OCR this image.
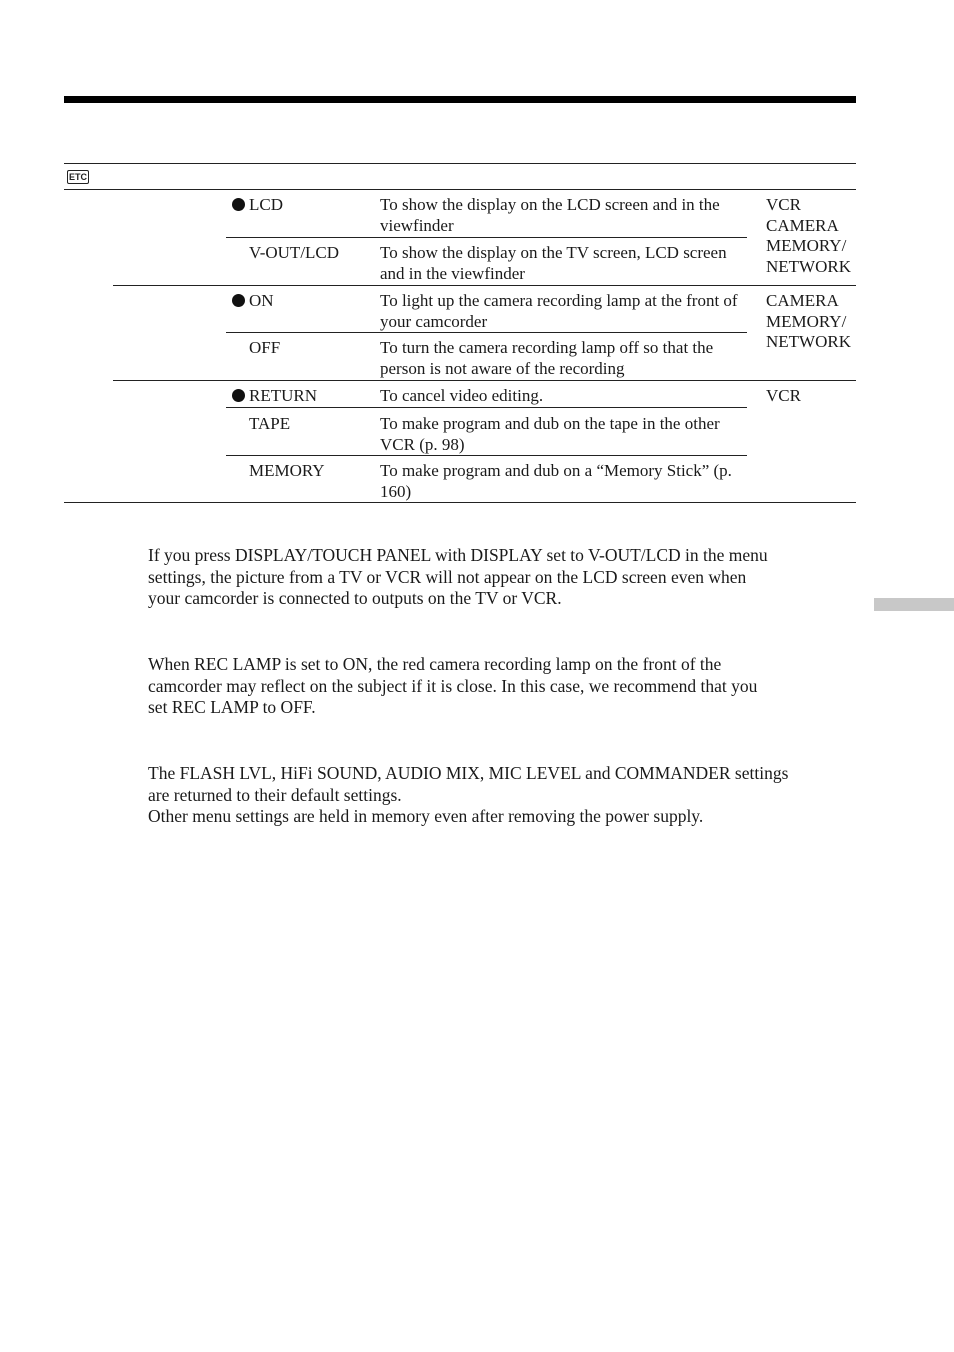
ETC
LCD	To show the display on the LCD screen and in the viewfinder
V-OUT/LCD To show the display on the TV screen, LCD screen and in the viewfinder
VCR
CAMERA
MEMORY/
NETWORK
ON	To light up the camera recording lamp at the front of your camcorder
OFF	To turn the camera recording lamp off so that the person is not aware of the recording
CAMERA
MEMORY/
NETWORK
RETURN	To cancel video editing.
TAPE	To make program and dub on the tape in the other VCR (p. 98)
MEMORY	To make program and dub on a “Memory Stick” (p. 160)
VCR
If you press DISPLAY/TOUCH PANEL with DISPLAY set to V-OUT/LCD in the menu
settings, the picture from a TV or VCR will not appear on the LCD screen even when
your camcorder is connected to outputs on the TV or VCR.
When REC LAMP is set to ON, the red camera recording lamp on the front of the
camcorder may reflect on the subject if it is close. In this case, we recommend that you
set REC LAMP to OFF.
The FLASH LVL, HiFi SOUND, AUDIO MIX, MIC LEVEL and COMMANDER settings
are returned to their default settings.
Other menu settings are held in memory even after removing the power supply.
